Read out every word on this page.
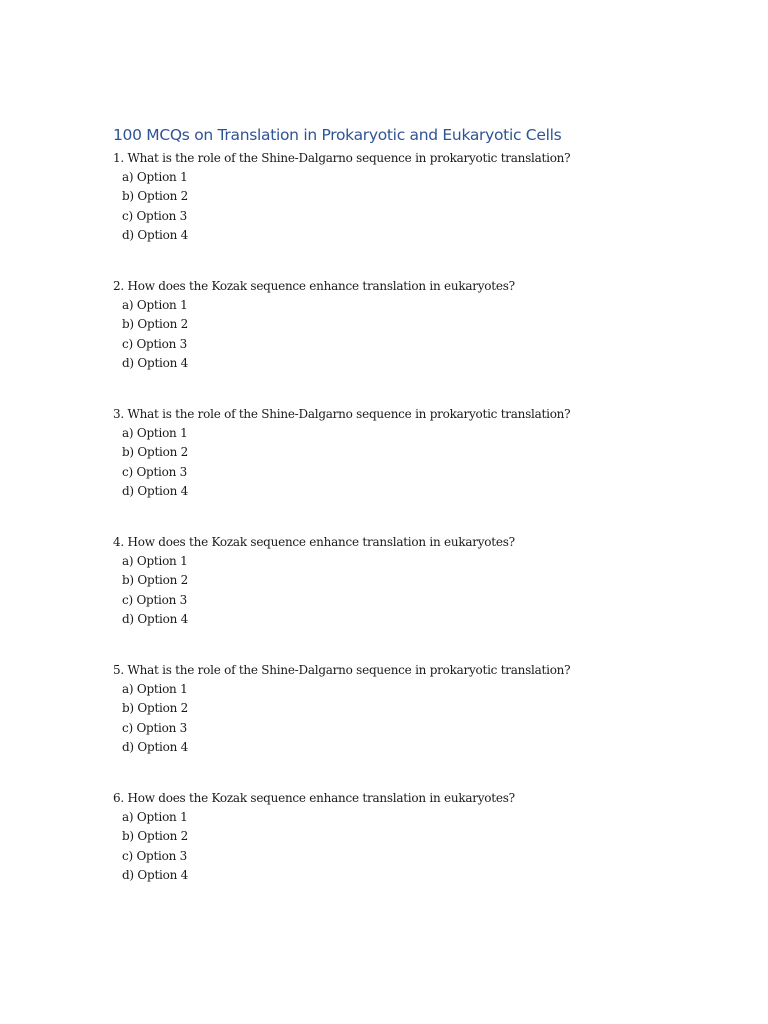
100 MCQs on Translation in Prokaryotic and Eukaryotic Cells

1. What is the role of the Shine-Dalgarno sequence in prokaryotic translation?

a) Option 1
b) Option 2
c) Option 3
d) Option 4

2. How does the Kozak sequence enhance translation in eukaryotes?

a) Option 1
b) Option 2
c) Option 3
d) Option 4

3. What is the role of the Shine-Dalgarno sequence in prokaryotic translation?

a) Option 1
b) Option 2
c) Option 3
d) Option 4

4. How does the Kozak sequence enhance translation in eukaryotes?

a) Option 1
b) Option 2
c) Option 3
d) Option 4

5. What is the role of the Shine-Dalgarno sequence in prokaryotic translation?

a) Option 1
b) Option 2
c) Option 3
d) Option 4

6. How does the Kozak sequence enhance translation in eukaryotes?

a) Option 1
b) Option 2
c) Option 3
d) Option 4
